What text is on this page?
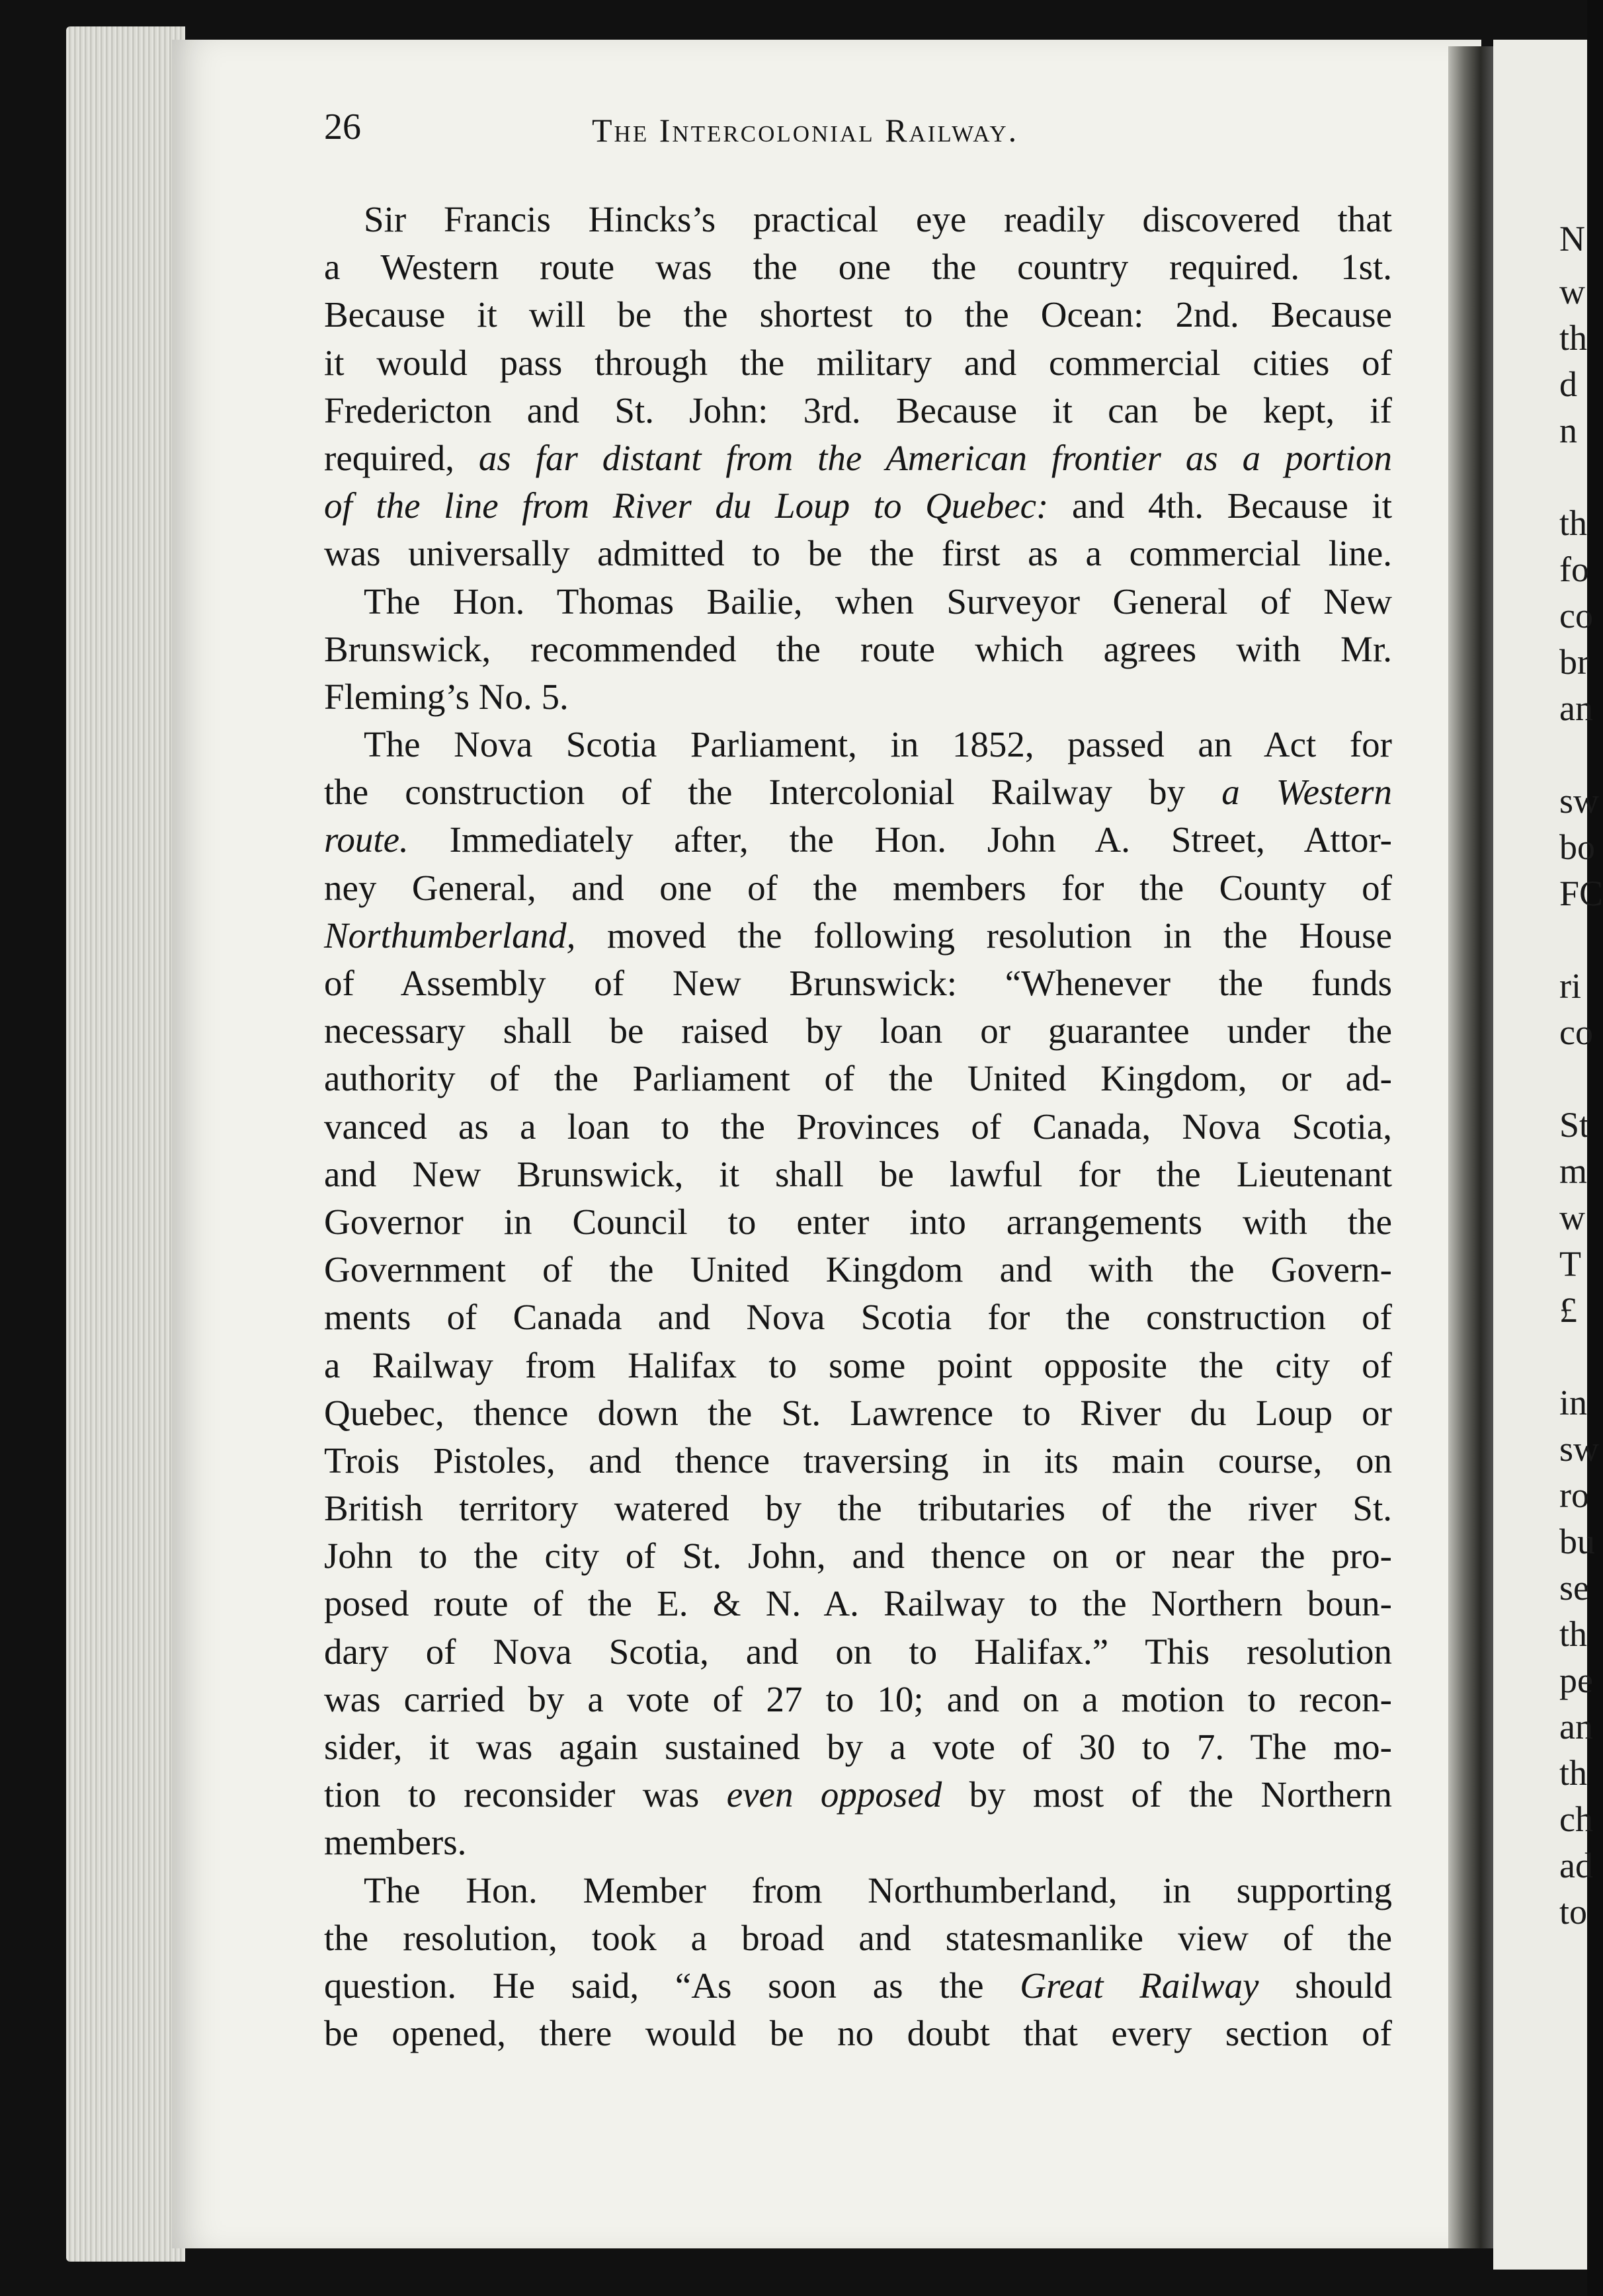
N
w
th
d
n
th
fo
co
br
an
sw
bo
FC
ri
co
St
m
w
T
£
in
sw
ro
bu
se
th
pe
an
th
ch
ad
to
26	The Intercolonial Railway.
Sir Francis Hincks’s practical eye readily discovered that
a Western route was the one the country required. 1st.
Because it will be the shortest to the Ocean: 2nd. Because
it would pass through the military and commercial cities of
Fredericton and St. John: 3rd. Because it can be kept, if
required, as far distant from the American frontier as a portion
of the line from River du Loup to Quebec: and 4th. Because it
was universally admitted to be the first as a commercial line.
The Hon. Thomas Bailie, when Surveyor General of New
Brunswick, recommended the route which agrees with Mr.
Fleming’s No. 5.
The Nova Scotia Parliament, in 1852, passed an Act for
the construction of the Intercolonial Railway by a Western
route. Immediately after, the Hon. John A. Street, Attor-
ney General, and one of the members for the County of
Northumberland, moved the following resolution in the House
of Assembly of New Brunswick: “Whenever the funds
necessary shall be raised by loan or guarantee under the
authority of the Parliament of the United Kingdom, or ad-
vanced as a loan to the Provinces of Canada, Nova Scotia,
and New Brunswick, it shall be lawful for the Lieutenant
Governor in Council to enter into arrangements with the
Government of the United Kingdom and with the Govern-
ments of Canada and Nova Scotia for the construction of
a Railway from Halifax to some point opposite the city of
Quebec, thence down the St. Lawrence to River du Loup or
Trois Pistoles, and thence traversing in its main course, on
British territory watered by the tributaries of the river St.
John to the city of St. John, and thence on or near the pro-
posed route of the E. & N. A. Railway to the Northern boun-
dary of Nova Scotia, and on to Halifax.” This resolution
was carried by a vote of 27 to 10; and on a motion to recon-
sider, it was again sustained by a vote of 30 to 7. The mo-
tion to reconsider was even opposed by most of the Northern
members.
The Hon. Member from Northumberland, in supporting
the resolution, took a broad and statesmanlike view of the
question. He said, “As soon as the Great Railway should
be opened, there would be no doubt that every section of
